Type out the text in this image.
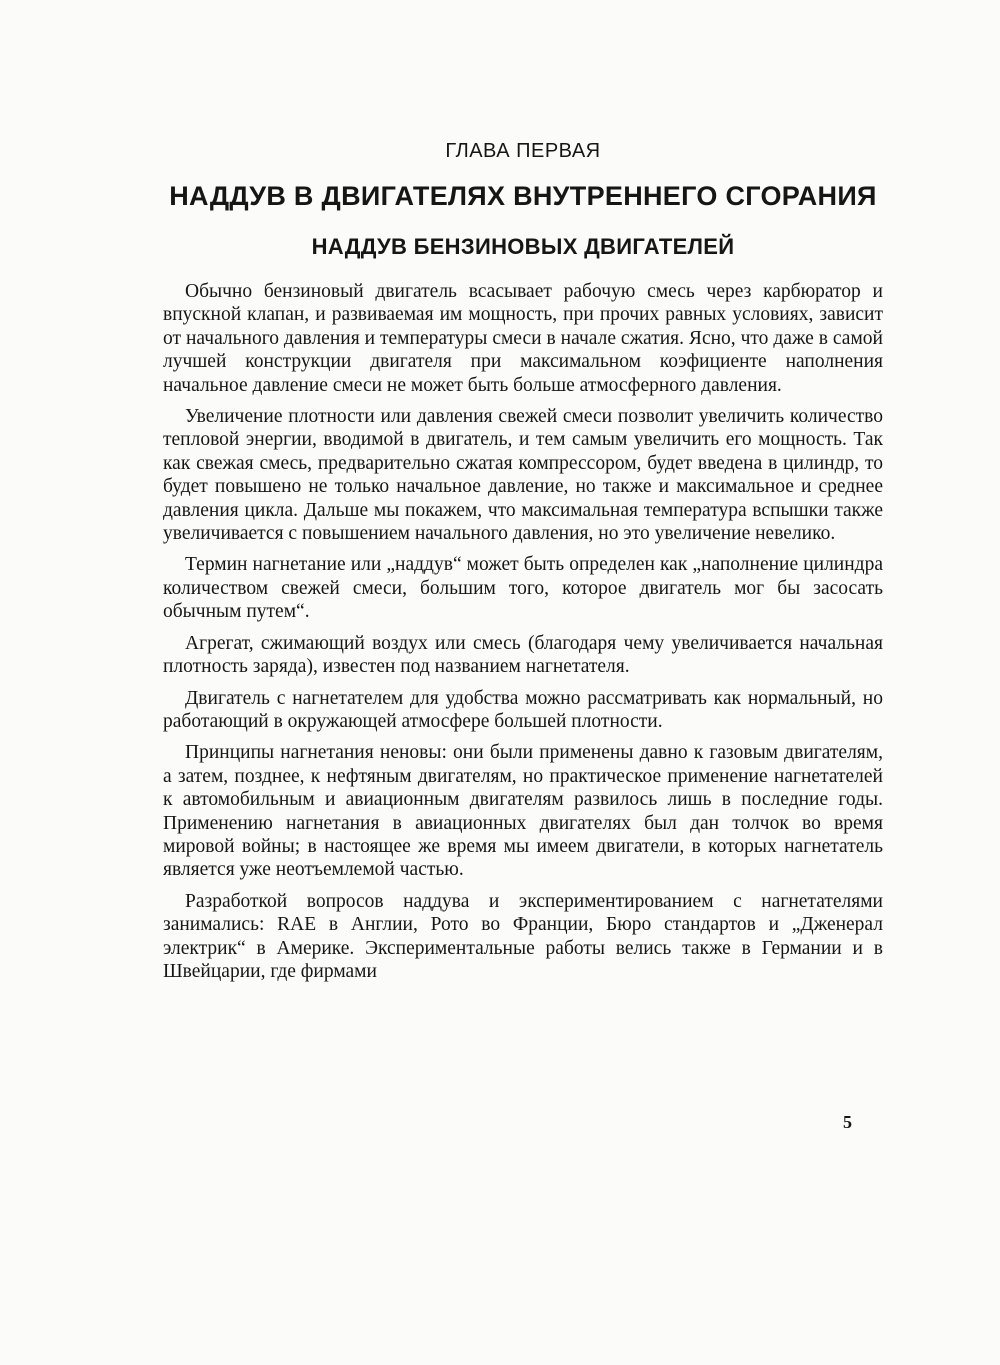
ГЛАВА ПЕРВАЯ
НАДДУВ В ДВИГАТЕЛЯХ ВНУТРЕННЕГО СГОРАНИЯ
НАДДУВ БЕНЗИНОВЫХ ДВИГАТЕЛЕЙ

Обычно бензиновый двигатель всасывает рабочую смесь через карбюратор и впускной клапан, и развиваемая им мощность, при прочих равных условиях, зависит от начального давления и температуры смеси в начале сжатия. Ясно, что даже в самой лучшей конструкции двигателя при максимальном коэфициенте наполнения начальное давление смеси не может быть больше атмосферного давления.

Увеличение плотности или давления свежей смеси позволит увеличить количество тепловой энергии, вводимой в двигатель, и тем самым увеличить его мощность. Так как свежая смесь, предварительно сжатая компрессором, будет введена в цилиндр, то будет повышено не только начальное давление, но также и максимальное и среднее давления цикла. Дальше мы покажем, что максимальная температура вспышки также увеличивается с повышением начального давления, но это увеличение невелико.

Термин нагнетание или „наддув“ может быть определен как „наполнение цилиндра количеством свежей смеси, большим того, которое двигатель мог бы засосать обычным путем“.

Агрегат, сжимающий воздух или смесь (благодаря чему увеличивается начальная плотность заряда), известен под названием нагнетателя.

Двигатель с нагнетателем для удобства можно рассматривать как нормальный, но работающий в окружающей атмосфере большей плотности.

Принципы нагнетания неновы: они были применены давно к газовым двигателям, а затем, позднее, к нефтяным двигателям, но практическое применение нагнетателей к автомобильным и авиационным двигателям развилось лишь в последние годы. Применению нагнетания в авиационных двигателях был дан толчок во время мировой войны; в настоящее же время мы имеем двигатели, в которых нагнетатель является уже неотъемлемой частью.

Разработкой вопросов наддува и экспериментированием с нагнетателями занимались: RAE в Англии, Рото во Франции, Бюро стандартов и „Дженерал электрик“ в Америке. Экспериментальные работы велись также в Германии и в Швейцарии, где фирмами

5
